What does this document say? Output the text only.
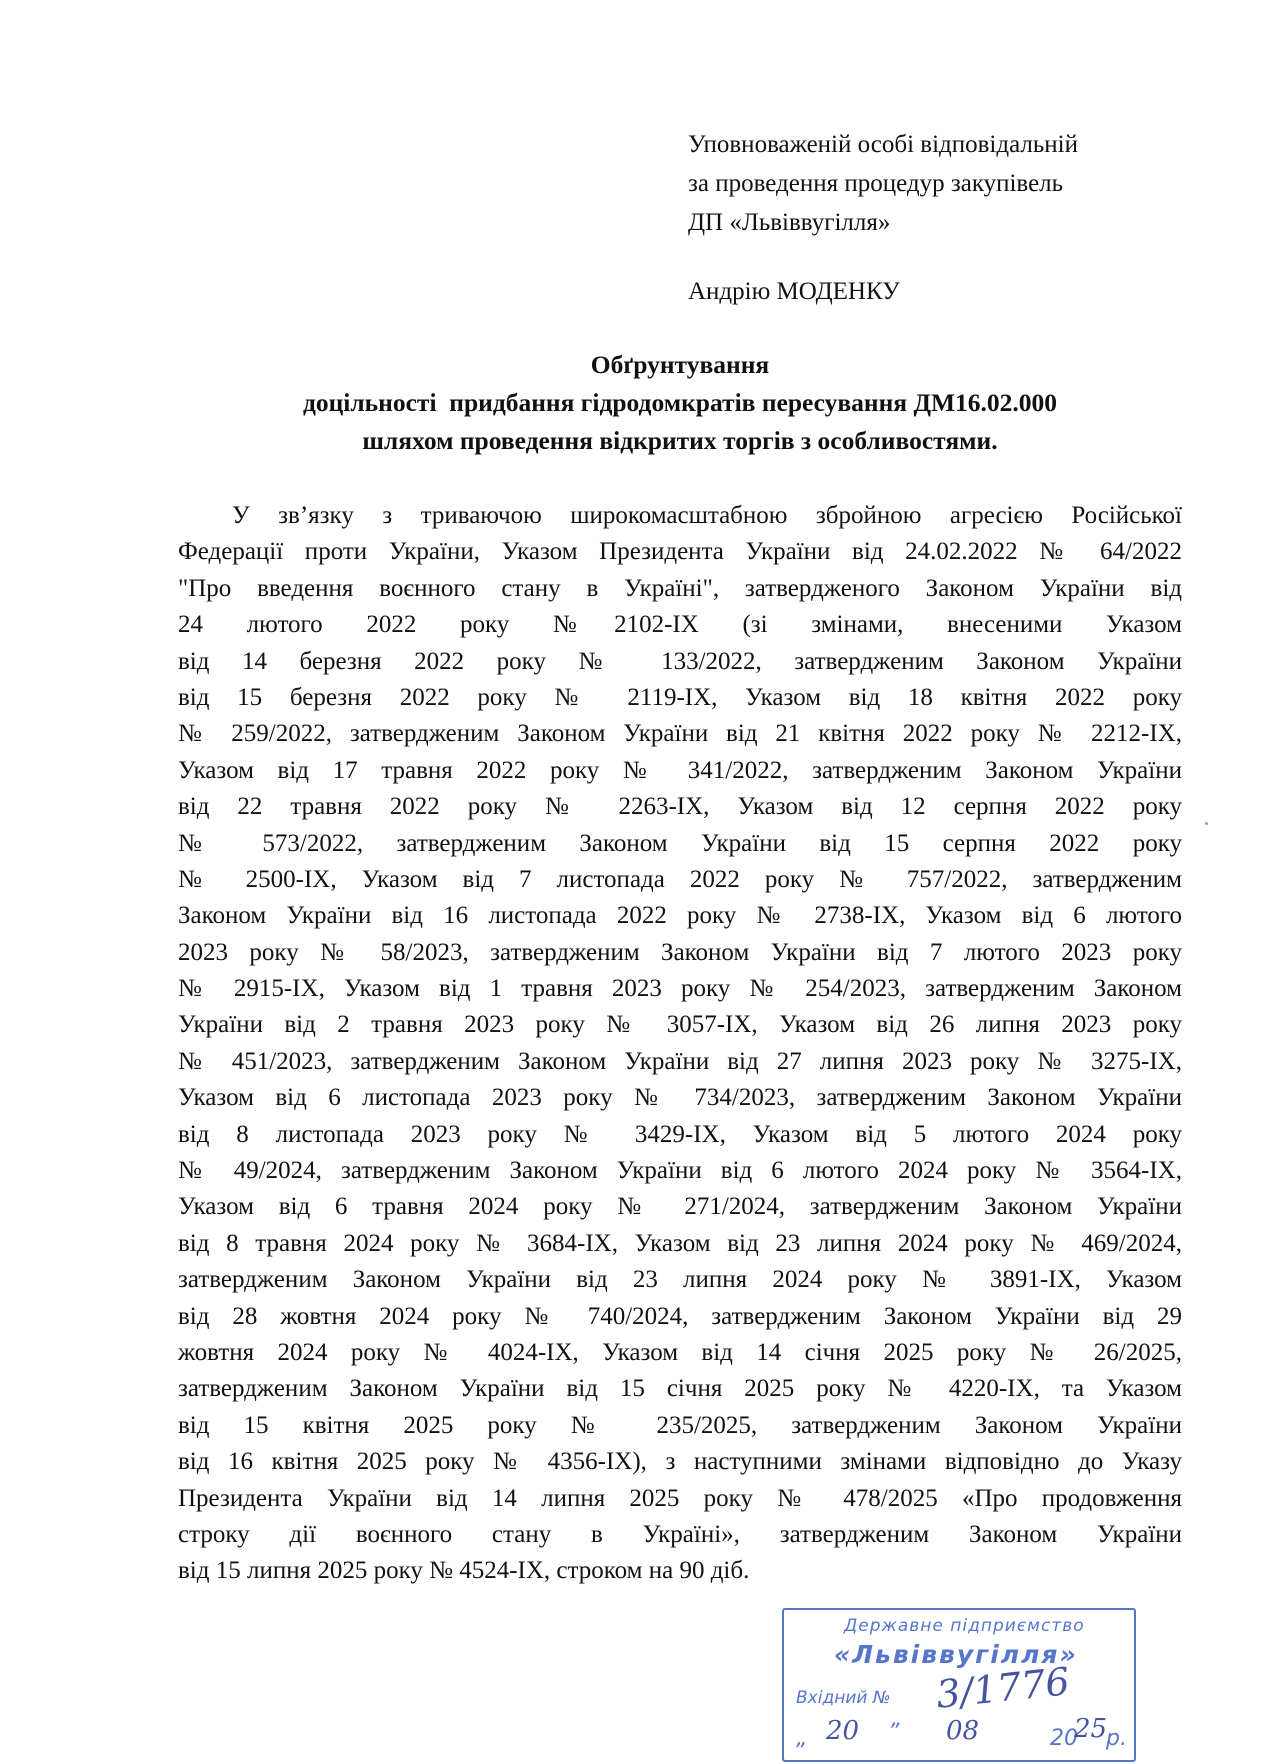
Уповноваженій особі відповідальній
за проведення процедур закупівель
ДП «Львіввугілля»
Андрію МОДЕНКУ
Обґрунтування
доцільності  придбання гідродомкратів пересування ДМ16.02.000
шляхом проведення відкритих торгів з особливостями.
У зв’язку з триваючою широкомасштабною збройною агресією Російської
Федерації проти України, Указом Президента України від 24.02.2022 № 64/2022
"Про введення воєнного стану в Україні", затвердженого Законом України від
24 лютого 2022 року №2102-IX (зі змінами, внесеними Указом
від 14 березня 2022 року № 133/2022, затвердженим Законом України
від 15 березня 2022 року № 2119-IX, Указом від 18 квітня 2022 року
№ 259/2022, затвердженим Законом України від 21 квітня 2022 року № 2212-IX,
Указом від 17 травня 2022 року № 341/2022, затвердженим Законом України
від 22 травня 2022 року № 2263-IX, Указом від 12 серпня 2022 року
№ 573/2022, затвердженим Законом України від 15 серпня 2022 року
№ 2500-IX, Указом від 7 листопада 2022 року № 757/2022, затвердженим
Законом України від 16 листопада 2022 року № 2738-IX, Указом від 6 лютого
2023 року № 58/2023, затвердженим Законом України від 7 лютого 2023 року
№ 2915-IX, Указом від 1 травня 2023 року № 254/2023, затвердженим Законом
України від 2 травня 2023 року № 3057-IX, Указом від 26 липня 2023 року
№ 451/2023, затвердженим Законом України від 27 липня 2023 року № 3275-IX,
Указом від 6 листопада 2023 року № 734/2023, затвердженим Законом України
від 8 листопада 2023 року № 3429-IX, Указом від 5 лютого 2024 року
№ 49/2024, затвердженим Законом України від 6 лютого 2024 року № 3564-IX,
Указом від 6 травня 2024 року № 271/2024, затвердженим Законом України
від 8 травня 2024 року № 3684-IX, Указом від 23 липня 2024 року № 469/2024,
затвердженим Законом України від 23 липня 2024 року № 3891-IX, Указом
від 28 жовтня 2024 року № 740/2024, затвердженим Законом України від 29
жовтня 2024 року № 4024-IX, Указом від 14 січня 2025 року № 26/2025,
затвердженим Законом України від 15 січня 2025 року № 4220-IX, та Указом
від 15 квітня 2025 року № 235/2025, затвердженим Законом України
від 16 квітня 2025 року № 4356-IX), з наступними змінами відповідно до Указу
Президента України від 14 липня 2025 року № 478/2025 «Про продовження
строку дії воєнного стану в Україні», затвердженим Законом України
від 15 липня 2025 року № 4524-IX, строком на 90 діб.
Державне підприємство
«Львіввугілля»
Вхідний № 3/1776
„ 20 ” 08	20
25
р.
